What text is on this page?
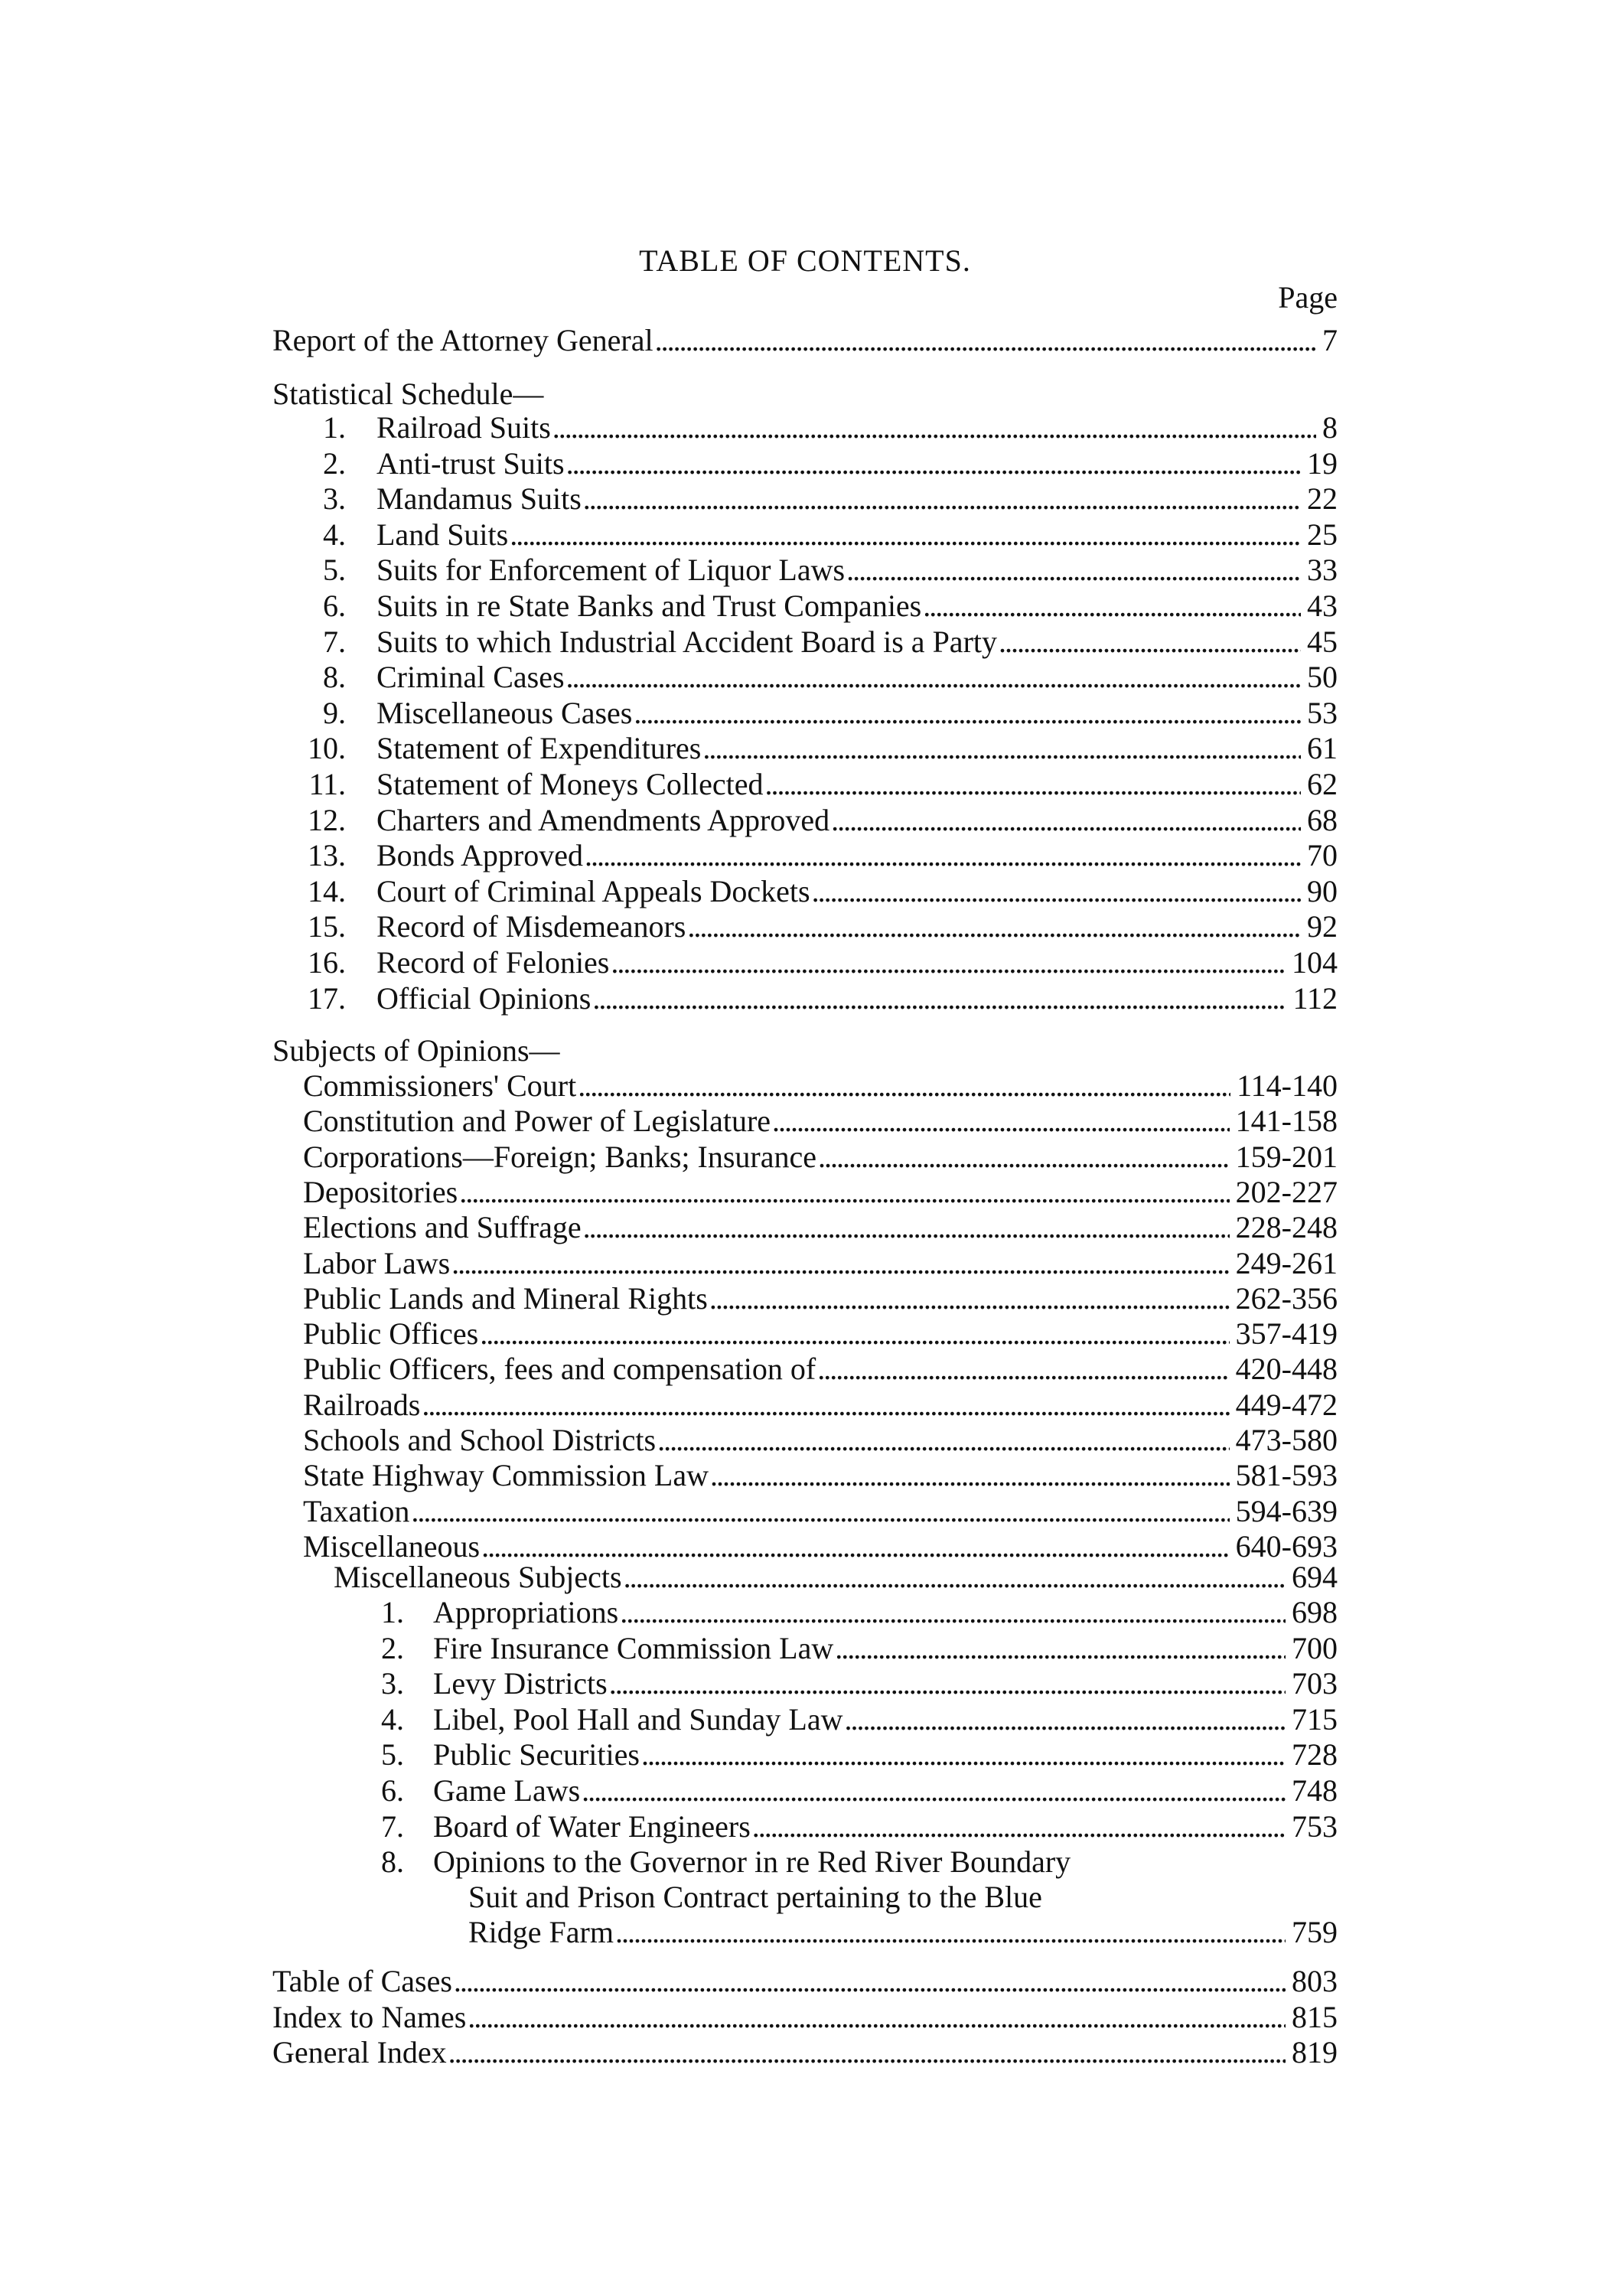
TABLE OF CONTENTS.
Page
Report of the Attorney General . . .	7
Statistical Schedule—
1.	Railroad Suits . . .	8
2.	Anti-trust Suits . . .	19
3.	Mandamus Suits . . .	22
4.	Land Suits . . .	25
5.	Suits for Enforcement of Liquor Laws . . .	33
6.	Suits in re State Banks and Trust Companies . . .	43
7.	Suits to which Industrial Accident Board is a Party . . .	45
8.	Criminal Cases . . .	50
9.	Miscellaneous Cases . . .	53
10.	Statement of Expenditures . . .	61
11.	Statement of Moneys Collected . . .	62
12.	Charters and Amendments Approved . . .	68
13.	Bonds Approved . . .	70
14.	Court of Criminal Appeals Dockets . . .	90
15.	Record of Misdemeanors . . .	92
16.	Record of Felonies . . .	104
17.	Official Opinions . . .	112
Subjects of Opinions—
Commissioners' Court . . .	114-140
Constitution and Power of Legislature . . .	141-158
Corporations—Foreign; Banks; Insurance . . .	159-201
Depositories . . .	202-227
Elections and Suffrage . . .	228-248
Labor Laws . . .	249-261
Public Lands and Mineral Rights . . .	262-356
Public Offices . . .	357-419
Public Officers, fees and compensation of . . .	420-448
Railroads . . .	449-472
Schools and School Districts . . .	473-580
State Highway Commission Law . . .	581-593
Taxation . . .	594-639
Miscellaneous . . .	640-693
Miscellaneous Subjects . . .	694
1. Appropriations . . .	698
2. Fire Insurance Commission Law . . .	700
3. Levy Districts . . .	703
4. Libel, Pool Hall and Sunday Law . . .	715
5. Public Securities . . .	728
6. Game Laws . . .	748
7. Board of Water Engineers . . .	753
8. Opinions to the Governor in re Red River Boundary
Suit and Prison Contract pertaining to the Blue
Ridge Farm . . .	759
Table of Cases . . .	803
Index to Names . . .	815
General Index . . .	819
